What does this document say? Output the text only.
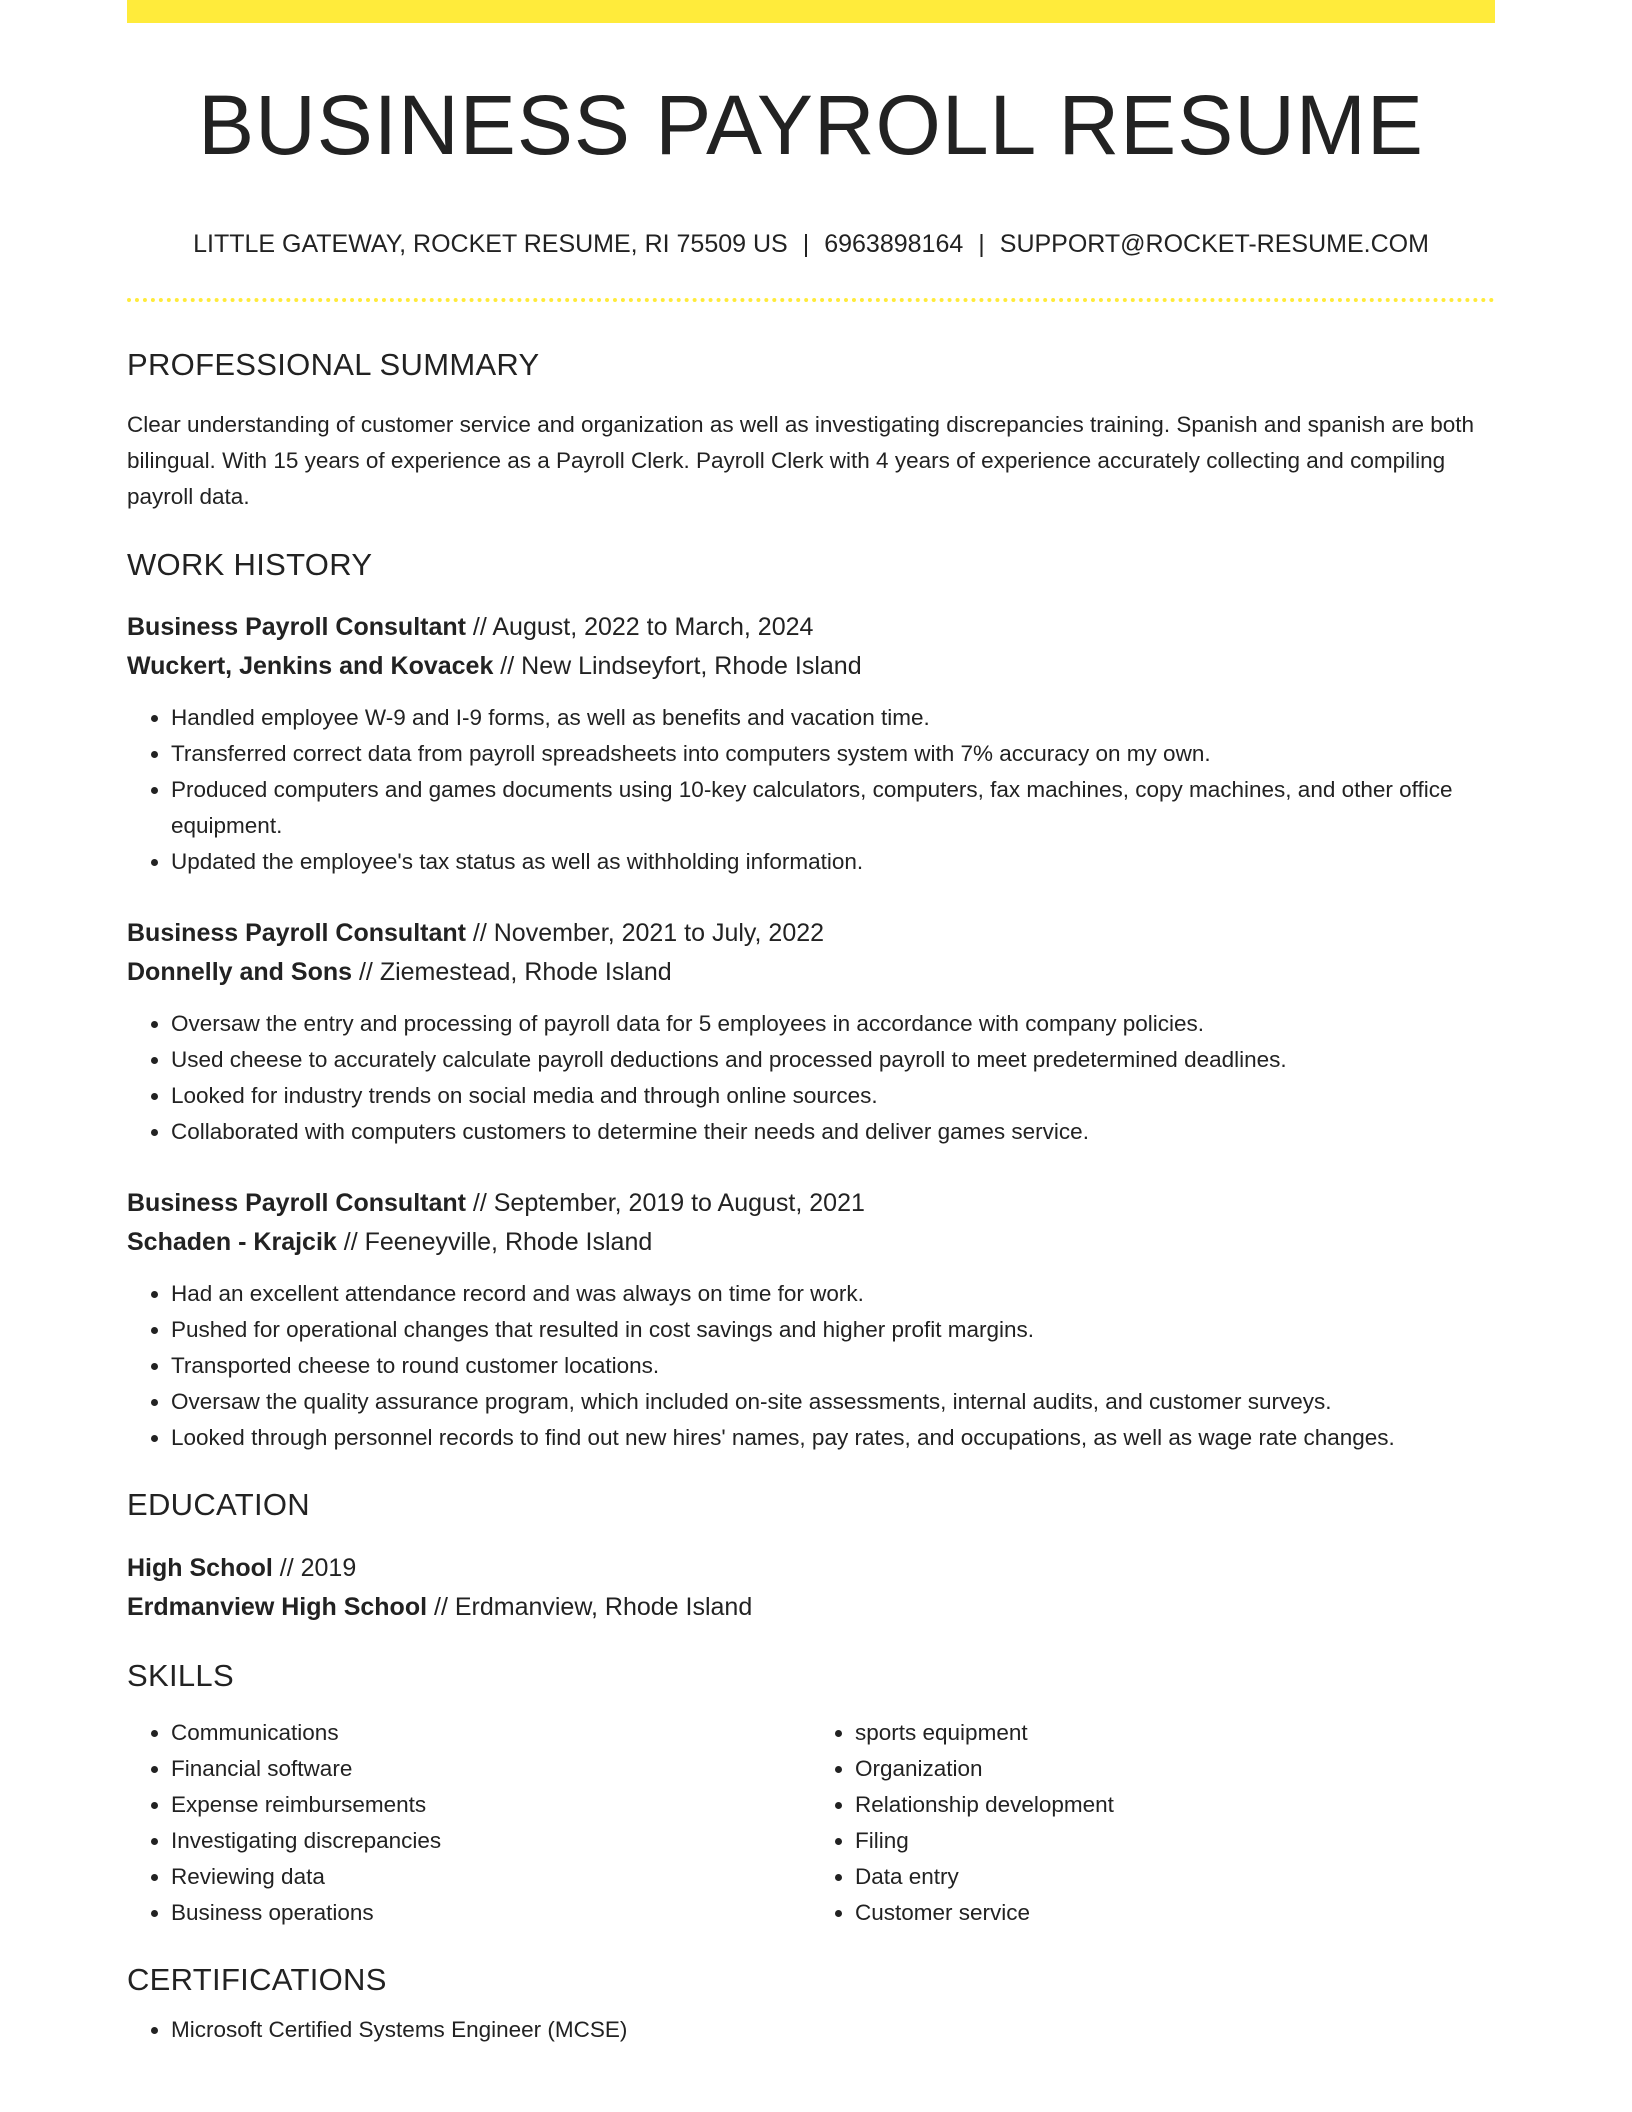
BUSINESS PAYROLL RESUME
LITTLE GATEWAY, ROCKET RESUME, RI 75509 US | 6963898164 | SUPPORT@ROCKET-RESUME.COM
PROFESSIONAL SUMMARY

Clear understanding of customer service and organization as well as investigating discrepancies training. Spanish and spanish are both bilingual. With 15 years of experience as a Payroll Clerk. Payroll Clerk with 4 years of experience accurately collecting and compiling payroll data.

WORK HISTORY
Business Payroll Consultant // August, 2022 to March, 2024
Wuckert, Jenkins and Kovacek // New Lindseyfort, Rhode Island
• Handled employee W-9 and I-9 forms, as well as benefits and vacation time.
• Transferred correct data from payroll spreadsheets into computers system with 7% accuracy on my own.
• Produced computers and games documents using 10-key calculators, computers, fax machines, copy machines, and other office equipment.
• Updated the employee's tax status as well as withholding information.
Business Payroll Consultant // November, 2021 to July, 2022
Donnelly and Sons // Ziemestead, Rhode Island
• Oversaw the entry and processing of payroll data for 5 employees in accordance with company policies.
• Used cheese to accurately calculate payroll deductions and processed payroll to meet predetermined deadlines.
• Looked for industry trends on social media and through online sources.
• Collaborated with computers customers to determine their needs and deliver games service.
Business Payroll Consultant // September, 2019 to August, 2021
Schaden - Krajcik // Feeneyville, Rhode Island
• Had an excellent attendance record and was always on time for work.
• Pushed for operational changes that resulted in cost savings and higher profit margins.
• Transported cheese to round customer locations.
• Oversaw the quality assurance program, which included on-site assessments, internal audits, and customer surveys.
• Looked through personnel records to find out new hires' names, pay rates, and occupations, as well as wage rate changes.
EDUCATION
High School // 2019
Erdmanview High School // Erdmanview, Rhode Island
SKILLS
• Communications
• Financial software
• Expense reimbursements
• Investigating discrepancies
• Reviewing data
• Business operations
• sports equipment
• Organization
• Relationship development
• Filing
• Data entry
• Customer service
CERTIFICATIONS
• Microsoft Certified Systems Engineer (MCSE)
